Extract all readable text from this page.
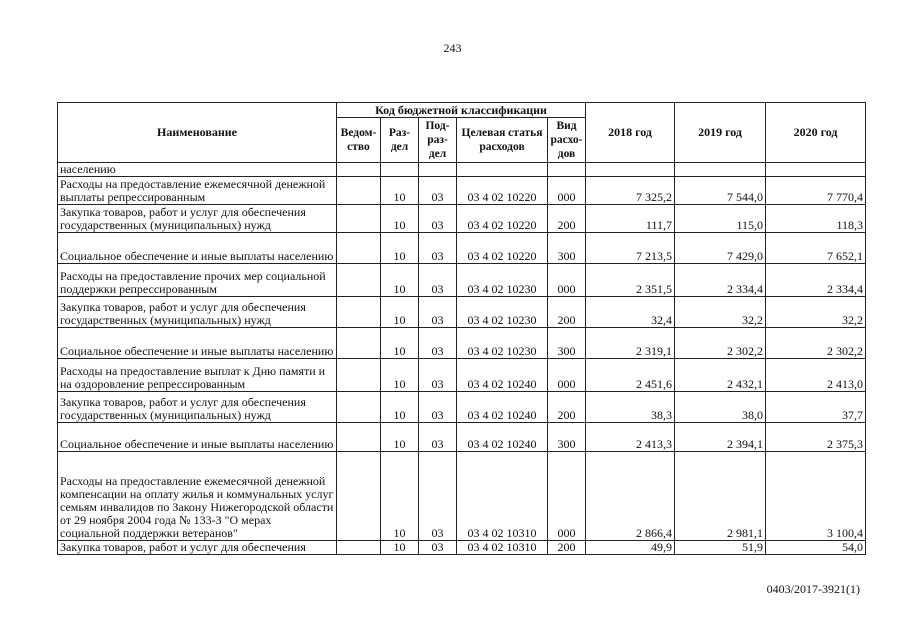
243
Наименование	Код бюджетной классификации					2018 год	2019 год	2020 год
	Ведом-ство	Раз-дел	Под-раз-дел	Целевая статья расходов	Вид расхо-дов			
населению								
Расходы на предоставление ежемесячной денежной выплаты репрессированным		10	03	03 4 02 10220	000	7 325,2	7 544,0	7 770,4
Закупка товаров, работ и услуг для обеспечения государственных (муниципальных) нужд		10	03	03 4 02 10220	200	111,7	115,0	118,3
Социальное обеспечение и иные выплаты населению		10	03	03 4 02 10220	300	7 213,5	7 429,0	7 652,1
Расходы на предоставление прочих мер социальной поддержки репрессированным		10	03	03 4 02 10230	000	2 351,5	2 334,4	2 334,4
Закупка товаров, работ и услуг для обеспечения государственных (муниципальных) нужд		10	03	03 4 02 10230	200	32,4	32,2	32,2
Социальное обеспечение и иные выплаты населению		10	03	03 4 02 10230	300	2 319,1	2 302,2	2 302,2
Расходы на предоставление выплат к Дню памяти и на оздоровление репрессированным		10	03	03 4 02 10240	000	2 451,6	2 432,1	2 413,0
Закупка товаров, работ и услуг для обеспечения государственных (муниципальных) нужд		10	03	03 4 02 10240	200	38,3	38,0	37,7
Социальное обеспечение и иные выплаты населению		10	03	03 4 02 10240	300	2 413,3	2 394,1	2 375,3
Расходы на предоставление ежемесячной денежной компенсации на оплату жилья и коммунальных услуг семьям инвалидов по Закону Нижегородской области от 29 ноября 2004 года № 133-З "О мерах социальной поддержки ветеранов"		10	03	03 4 02 10310	000	2 866,4	2 981,1	3 100,4
Закупка товаров, работ и услуг для обеспечения		10	03	03 4 02 10310	200	49,9	51,9	54,0
0403/2017-3921(1)
